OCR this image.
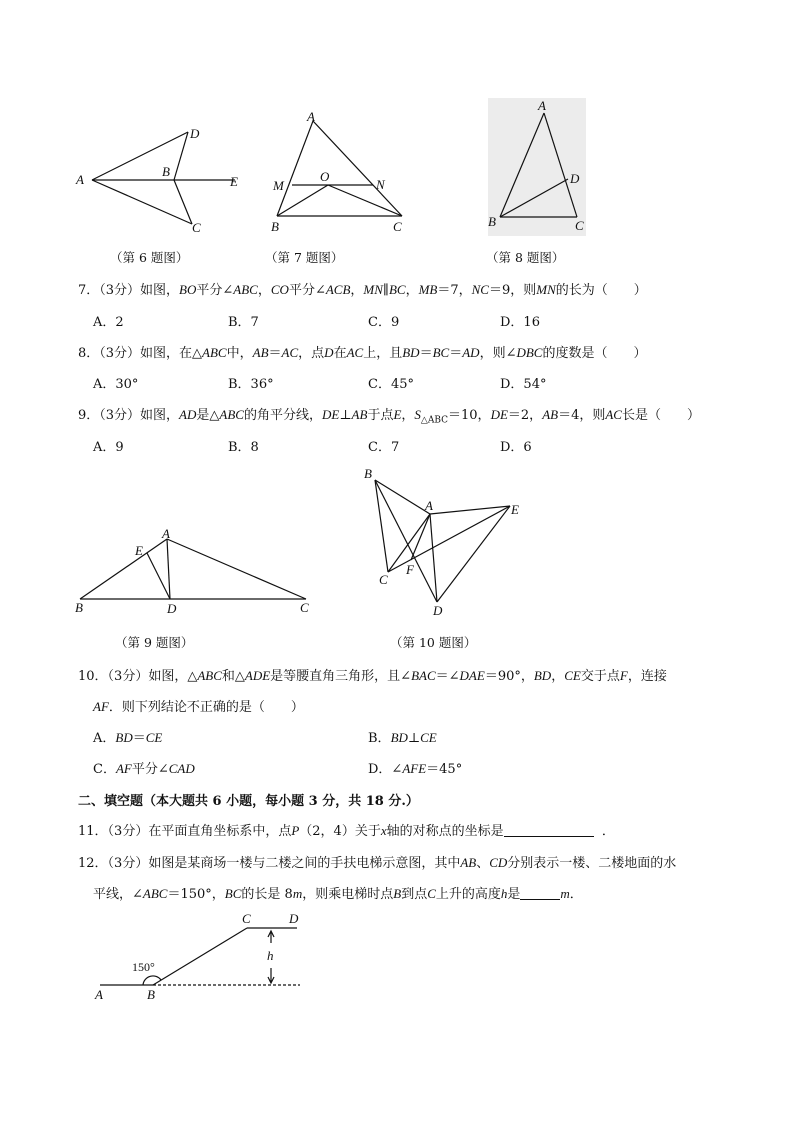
A
D
B
E
C
（第 6 题图）
A
M
O
N
B	C
（第 7 题图）
A
D
B	C
（第 8 题图）
7．（3分）如图，BO平分∠ABC，CO平分∠ACB，MN∥BC，MB＝7，NC＝9，则MN的长为（　　）
A．2	B．7	C．9	D．16
8．（3分）如图，在△ABC中，AB＝AC，点D在AC上，且BD＝BC＝AD，则∠DBC的度数是（　　）
A．30°	B．36°	C．45°	D．54°
9．（3分）如图，AD是△ABC的角平分线，DE⊥AB于点E，$S_{\triangle ABC}=10$，DE＝2，AB＝4，则AC长是（　　）
A．9	B．8	C．7	D．6
A
E
B	D	C
（第 9 题图）
B
A	E
F
C
D
（第 10 题图）
10．（3分）如图，△ABC和△ADE是等腰直角三角形，且∠BAC＝∠DAE＝90°，BD，CE交于点F，连接
AF．则下列结论不正确的是（　　）
A．BD＝CE	B．BD⊥CE
C．AF平分∠CAD	D．∠AFE＝45°
二、填空题（本大题共 6 小题，每小题 3 分，共 18 分.）
11．（3分）在平面直角坐标系中，点P（2，4）关于x轴的对称点的坐标是	．
12．（3分）如图是某商场一楼与二楼之间的手扶电梯示意图，其中AB、CD分别表示一楼、二楼地面的水
平线，∠ABC＝150°，BC的长是 8m，则乘电梯时点B到点C上升的高度h是	m．
150°
h
C	D
A	B
